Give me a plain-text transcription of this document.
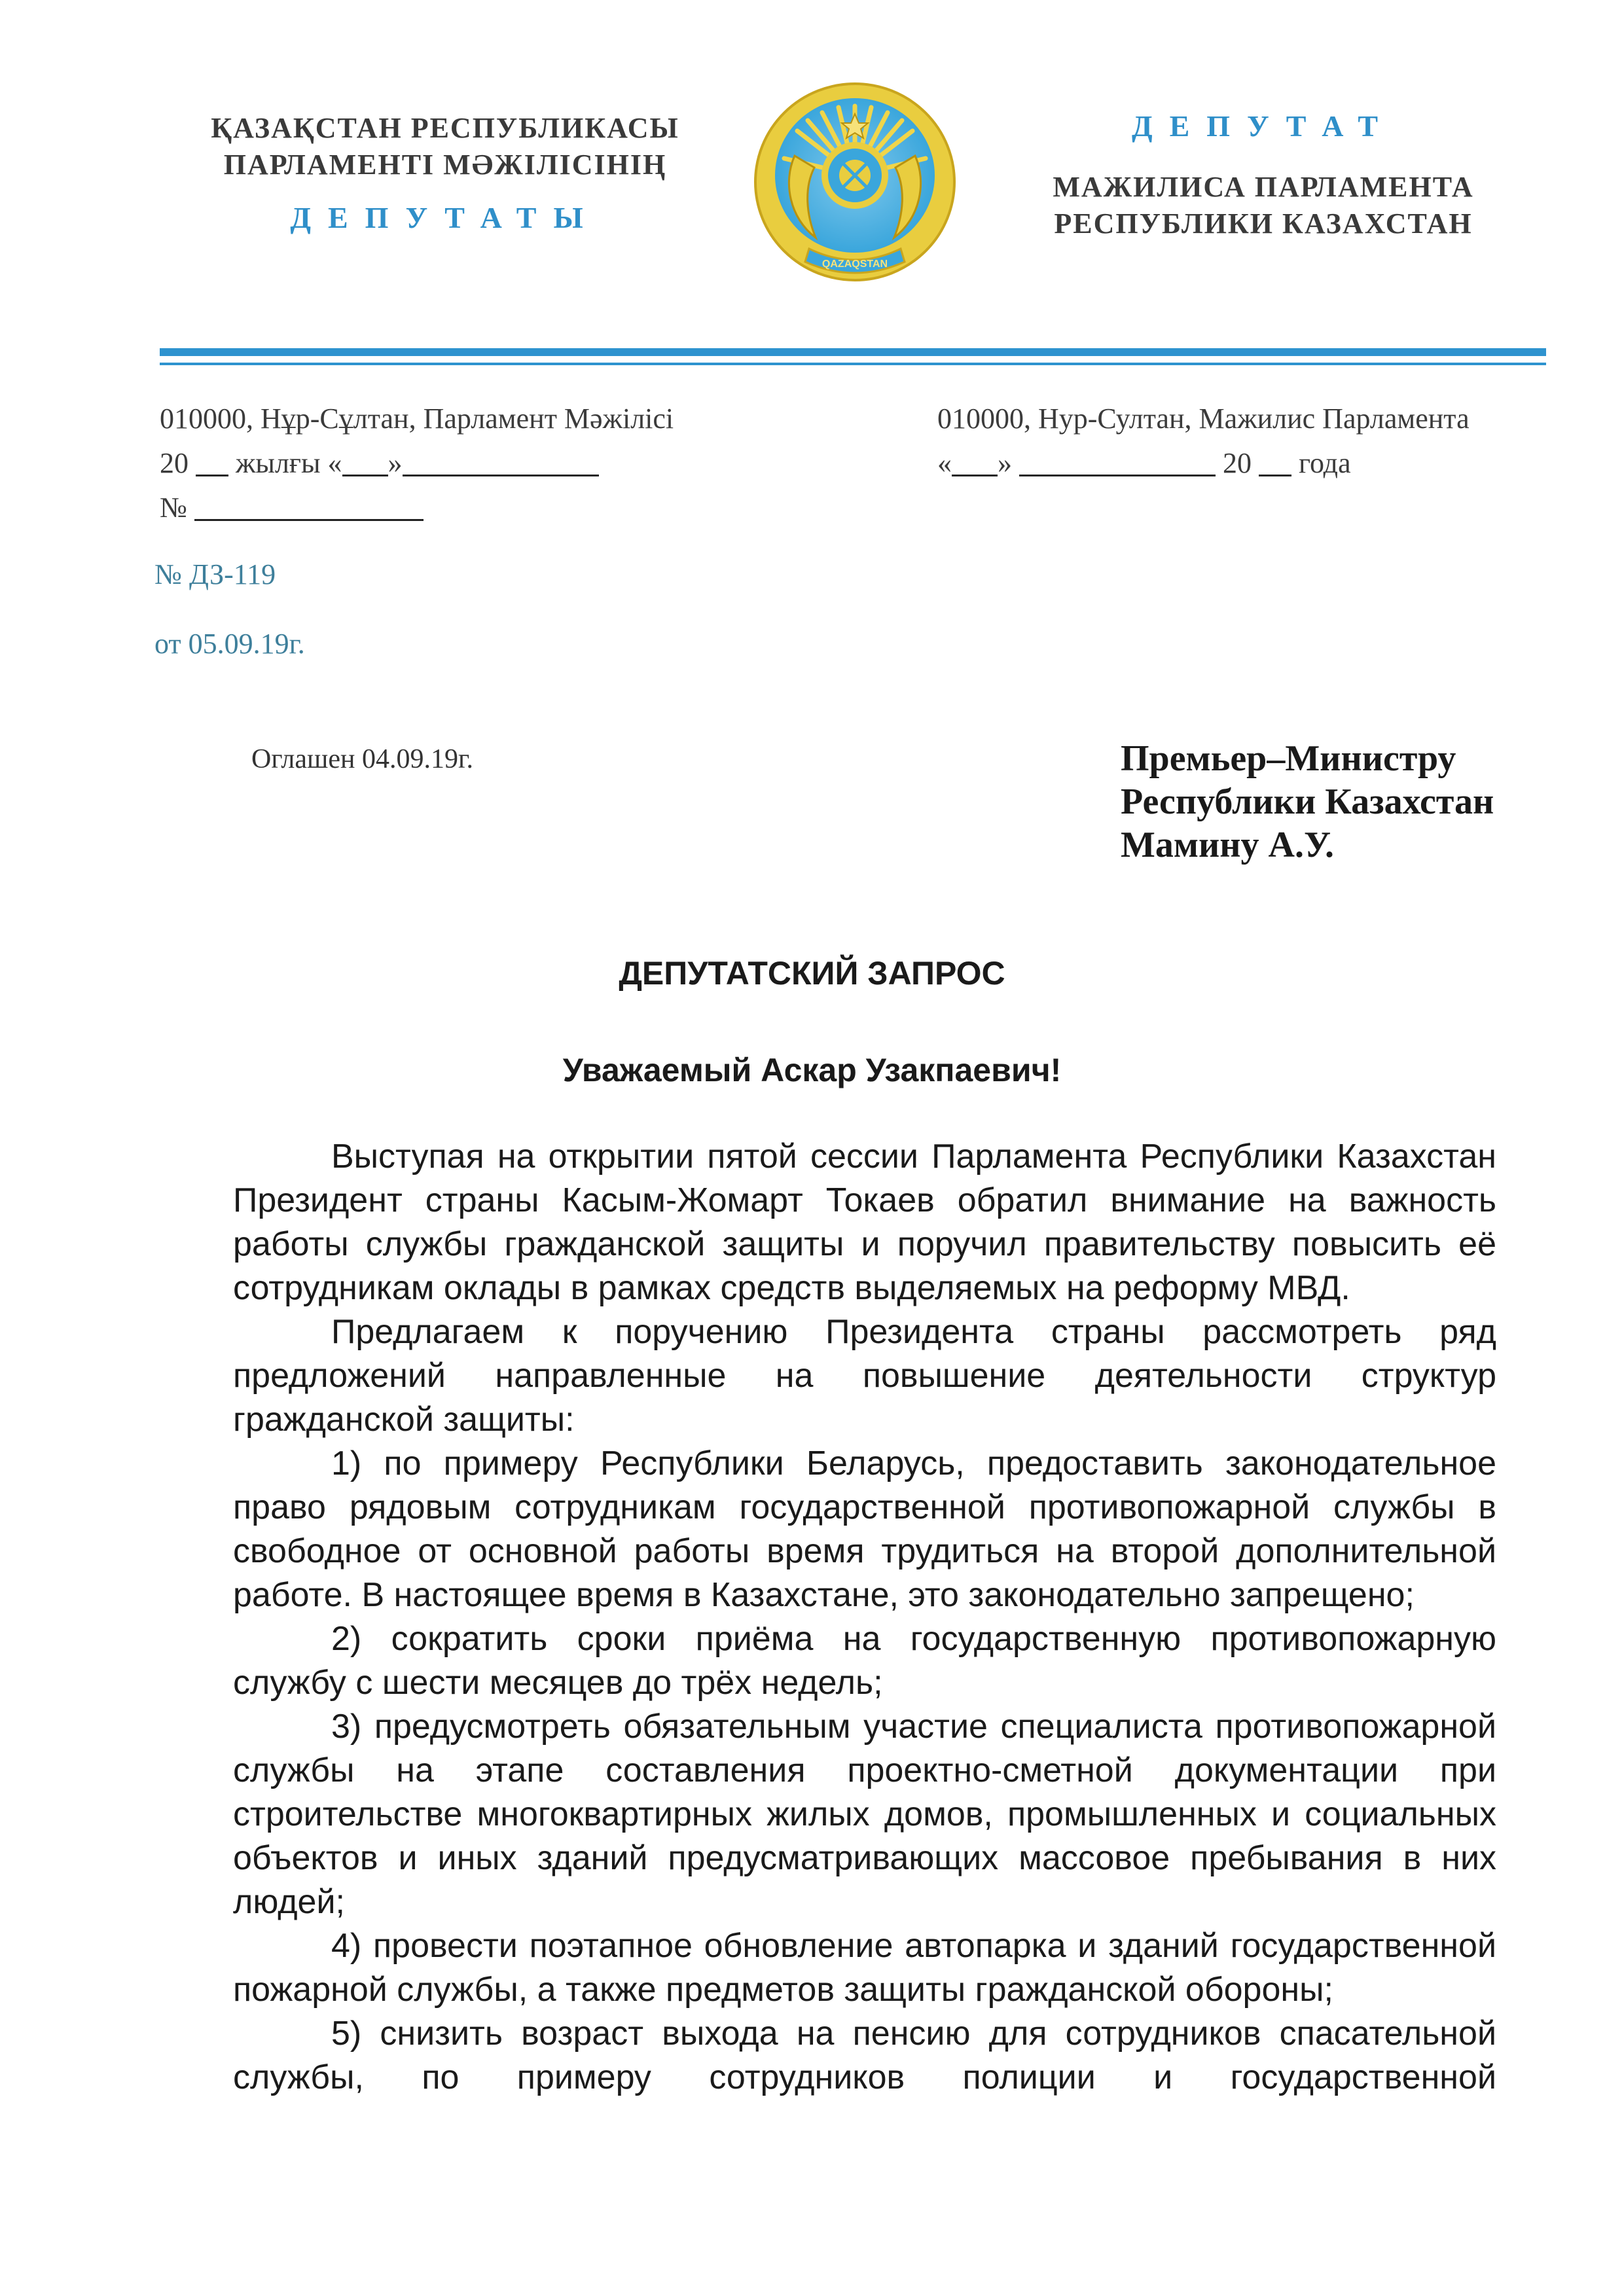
ҚАЗАҚСТАН РЕСПУБЛИКАСЫ
ПАРЛАМЕНТІ МӘЖІЛІСІНІҢ
ДЕПУТАТЫ
ДЕПУТАТ
МАЖИЛИСА ПАРЛАМЕНТА
РЕСПУБЛИКИ КАЗАХСТАН
QAZAQSTAN
010000, Нұр-Сұлтан, Парламент Мәжілісі
20 жылғы « »
№
010000, Нур-Султан, Мажилис Парламента
« »	20 года
№ ДЗ-119
от 05.09.19г.
Оглашен 04.09.19г.	Премьер–Министру
Республики Казахстан
Мамину А.У.
ДЕПУТАТСКИЙ ЗАПРОС
Уважаемый Аскар Узакпаевич!

Выступая на открытии пятой сессии Парламента Республики Казахстан Президент страны Касым-Жомарт Токаев обратил внимание на важность работы службы гражданской защиты и поручил правительству повысить её сотрудникам оклады в рамках средств выделяемых на реформу МВД.

Предлагаем к поручению Президента страны рассмотреть ряд предложений направленные на повышение деятельности структур гражданской защиты:

1) по примеру Республики Беларусь, предоставить законодательное право рядовым сотрудникам государственной противопожарной службы в свободное от основной работы время трудиться на второй дополнительной работе. В настоящее время в Казахстане, это законодательно запрещено;

2) сократить сроки приёма на государственную противопожарную службу с шести месяцев до трёх недель;

3) предусмотреть обязательным участие специалиста противопожарной службы на этапе составления проектно-сметной документации при строительстве многоквартирных жилых домов, промышленных и социальных объектов и иных зданий предусматривающих массовое пребывания в них людей;

4) провести поэтапное обновление автопарка и зданий государственной пожарной службы, а также предметов защиты гражданской обороны;

5) снизить возраст выхода на пенсию для сотрудников спасательной службы, по примеру сотрудников полиции и государственной
